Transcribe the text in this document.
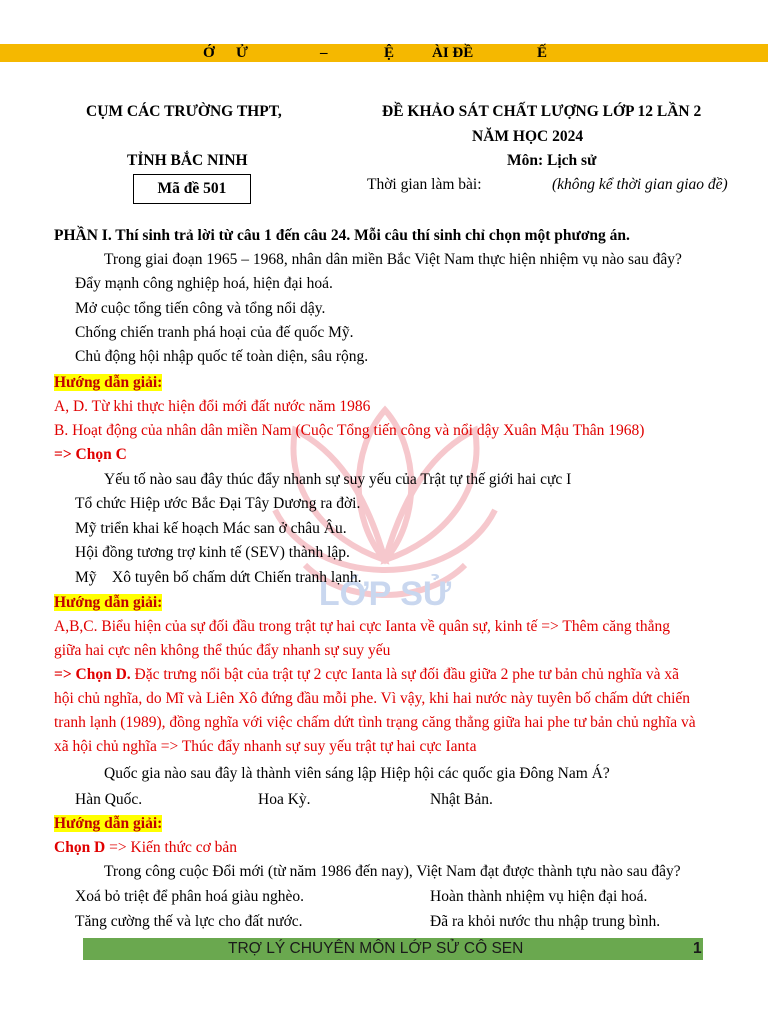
Ớ Ử	–	Ệ	ÀI ĐỀ	Ế
LỚP SỬ
CỤM CÁC TRƯỜNG THPT,
TỈNH BẮC NINH
Mã đề 501
ĐỀ KHẢO SÁT CHẤT LƯỢNG LỚP 12 LẦN 2
NĂM HỌC 2024
Môn: Lịch sử
Thời gian làm bài:	(không kể thời gian giao đề)
PHẦN I. Thí sinh trả lời từ câu 1 đến câu 24. Mỗi câu thí sinh chỉ chọn một phương án.
Trong giai đoạn 1965 – 1968, nhân dân miền Bắc Việt Nam thực hiện nhiệm vụ nào sau đây?
Đẩy mạnh công nghiệp hoá, hiện đại hoá.
Mở cuộc tổng tiến công và tổng nổi dậy.
Chống chiến tranh phá hoại của đế quốc Mỹ.
Chủ động hội nhập quốc tế toàn diện, sâu rộng.
Hướng dẫn giải:
A, D. Từ khi thực hiện đổi mới đất nước năm 1986
B. Hoạt động của nhân dân miền Nam (Cuộc Tổng tiến công và nổi dậy Xuân Mậu Thân 1968)
=> Chọn C
Yếu tố nào sau đây thúc đẩy nhanh sự suy yếu của Trật tự thế giới hai cực I
Tổ chức Hiệp ước Bắc Đại Tây Dương ra đời.
Mỹ triển khai kế hoạch Mác san ở châu Âu.
Hội đồng tương trợ kinh tế (SEV) thành lập.
Mỹ    Xô tuyên bố chấm dứt Chiến tranh lạnh.
Hướng dẫn giải:
A,B,C. Biểu hiện của sự đối đầu trong trật tự hai cực Ianta về quân sự, kinh tế => Thêm căng thẳng
giữa hai cực nên không thể thúc đẩy nhanh sự suy yếu
=> Chọn D. Đặc trưng nổi bật của trật tự 2 cực Ianta là sự đối đầu giữa 2 phe tư bản chủ nghĩa và xã
hội chủ nghĩa, do Mĩ và Liên Xô đứng đầu mỗi phe. Vì vậy, khi hai nước này tuyên bố chấm dứt chiến
tranh lạnh (1989), đồng nghĩa với việc chấm dứt tình trạng căng thẳng giữa hai phe tư bản chủ nghĩa và
xã hội chủ nghĩa => Thúc đẩy nhanh sự suy yếu trật tự hai cực Ianta
Quốc gia nào sau đây là thành viên sáng lập Hiệp hội các quốc gia Đông Nam Á?
Hàn Quốc.	Hoa Kỳ.	Nhật Bản.
Hướng dẫn giải:
Chọn D => Kiến thức cơ bản
Trong công cuộc Đổi mới (từ năm 1986 đến nay), Việt Nam đạt được thành tựu nào sau đây?
Xoá bỏ triệt để phân hoá giàu nghèo.	Hoàn thành nhiệm vụ hiện đại hoá.
Tăng cường thế và lực cho đất nước.	Đã ra khỏi nước thu nhập trung bình.
TRỢ LÝ CHUYÊN MÔN LỚP SỬ CÔ SEN	1
